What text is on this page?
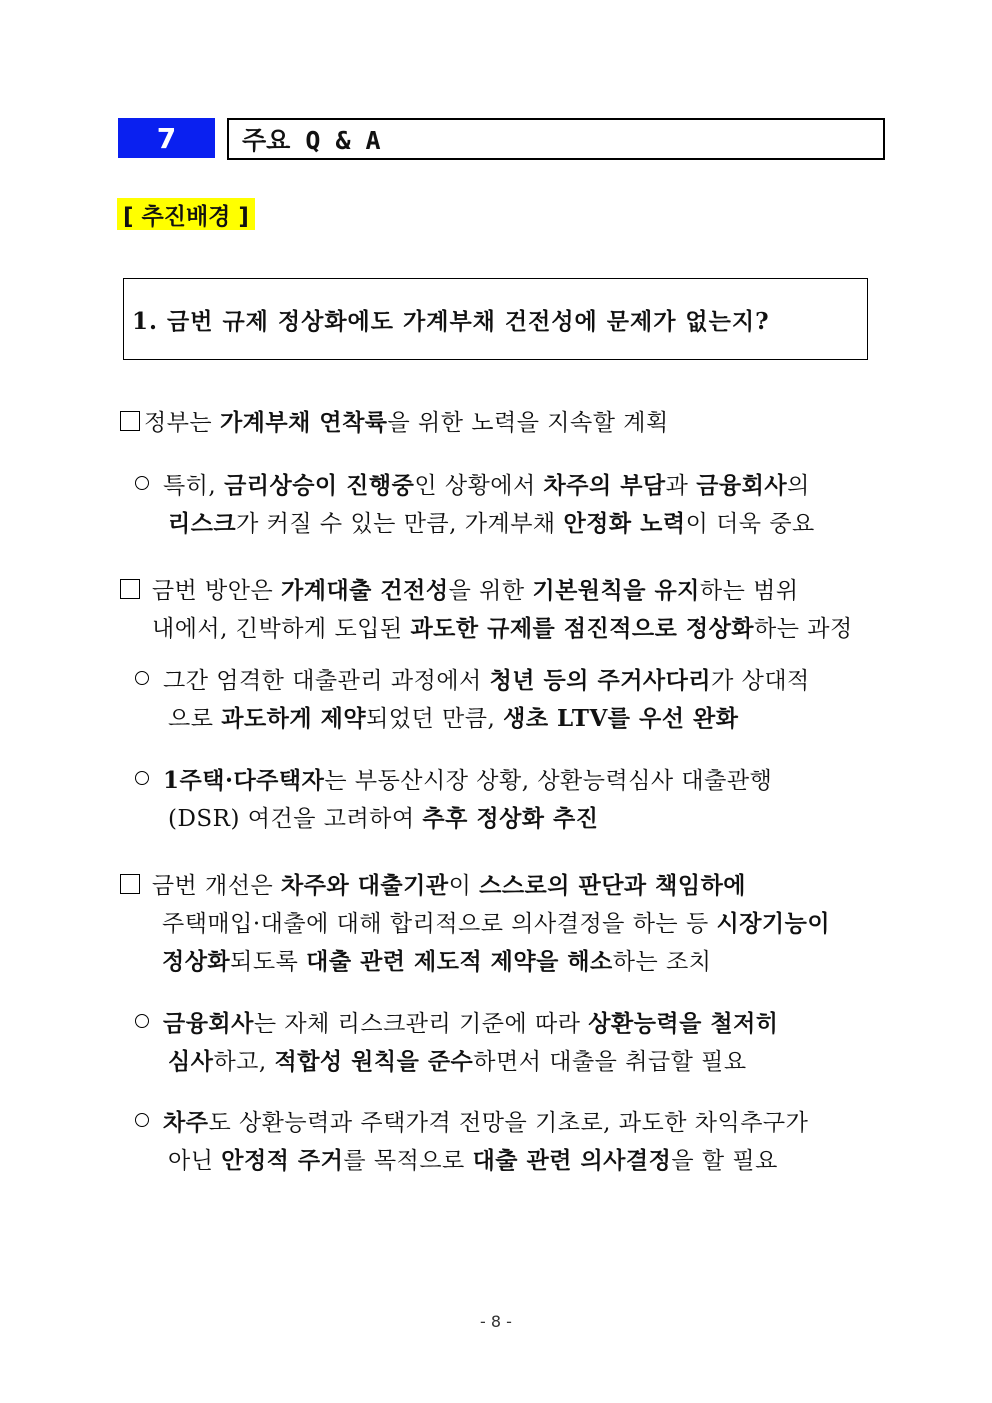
7	주요 Q & A
[ 추진배경 ]
1. 금번 규제 정상화에도 가계부채 건전성에 문제가 없는지?
정부는 가계부채 연착륙을 위한 노력을 지속할 계획
특히, 금리상승이 진행중인 상황에서 차주의 부담과 금융회사의
리스크가 커질 수 있는 만큼, 가계부채 안정화 노력이 더욱 중요
금번 방안은 가계대출 건전성을 위한 기본원칙을 유지하는 범위
내에서, 긴박하게 도입된 과도한 규제를 점진적으로 정상화하는 과정
그간 엄격한 대출관리 과정에서 청년 등의 주거사다리가 상대적
으로 과도하게 제약되었던 만큼, 생초 LTV를 우선 완화
1주택·다주택자는 부동산시장 상황, 상환능력심사 대출관행
(DSR) 여건을 고려하여 추후 정상화 추진
금번 개선은 차주와 대출기관이 스스로의 판단과 책임하에
주택매입·대출에 대해 합리적으로 의사결정을 하는 등 시장기능이
정상화되도록 대출 관련 제도적 제약을 해소하는 조치
금융회사는 자체 리스크관리 기준에 따라 상환능력을 철저히
심사하고, 적합성 원칙을 준수하면서 대출을 취급할 필요
차주도 상환능력과 주택가격 전망을 기초로, 과도한 차익추구가
아닌 안정적 주거를 목적으로 대출 관련 의사결정을 할 필요
- 8 -
